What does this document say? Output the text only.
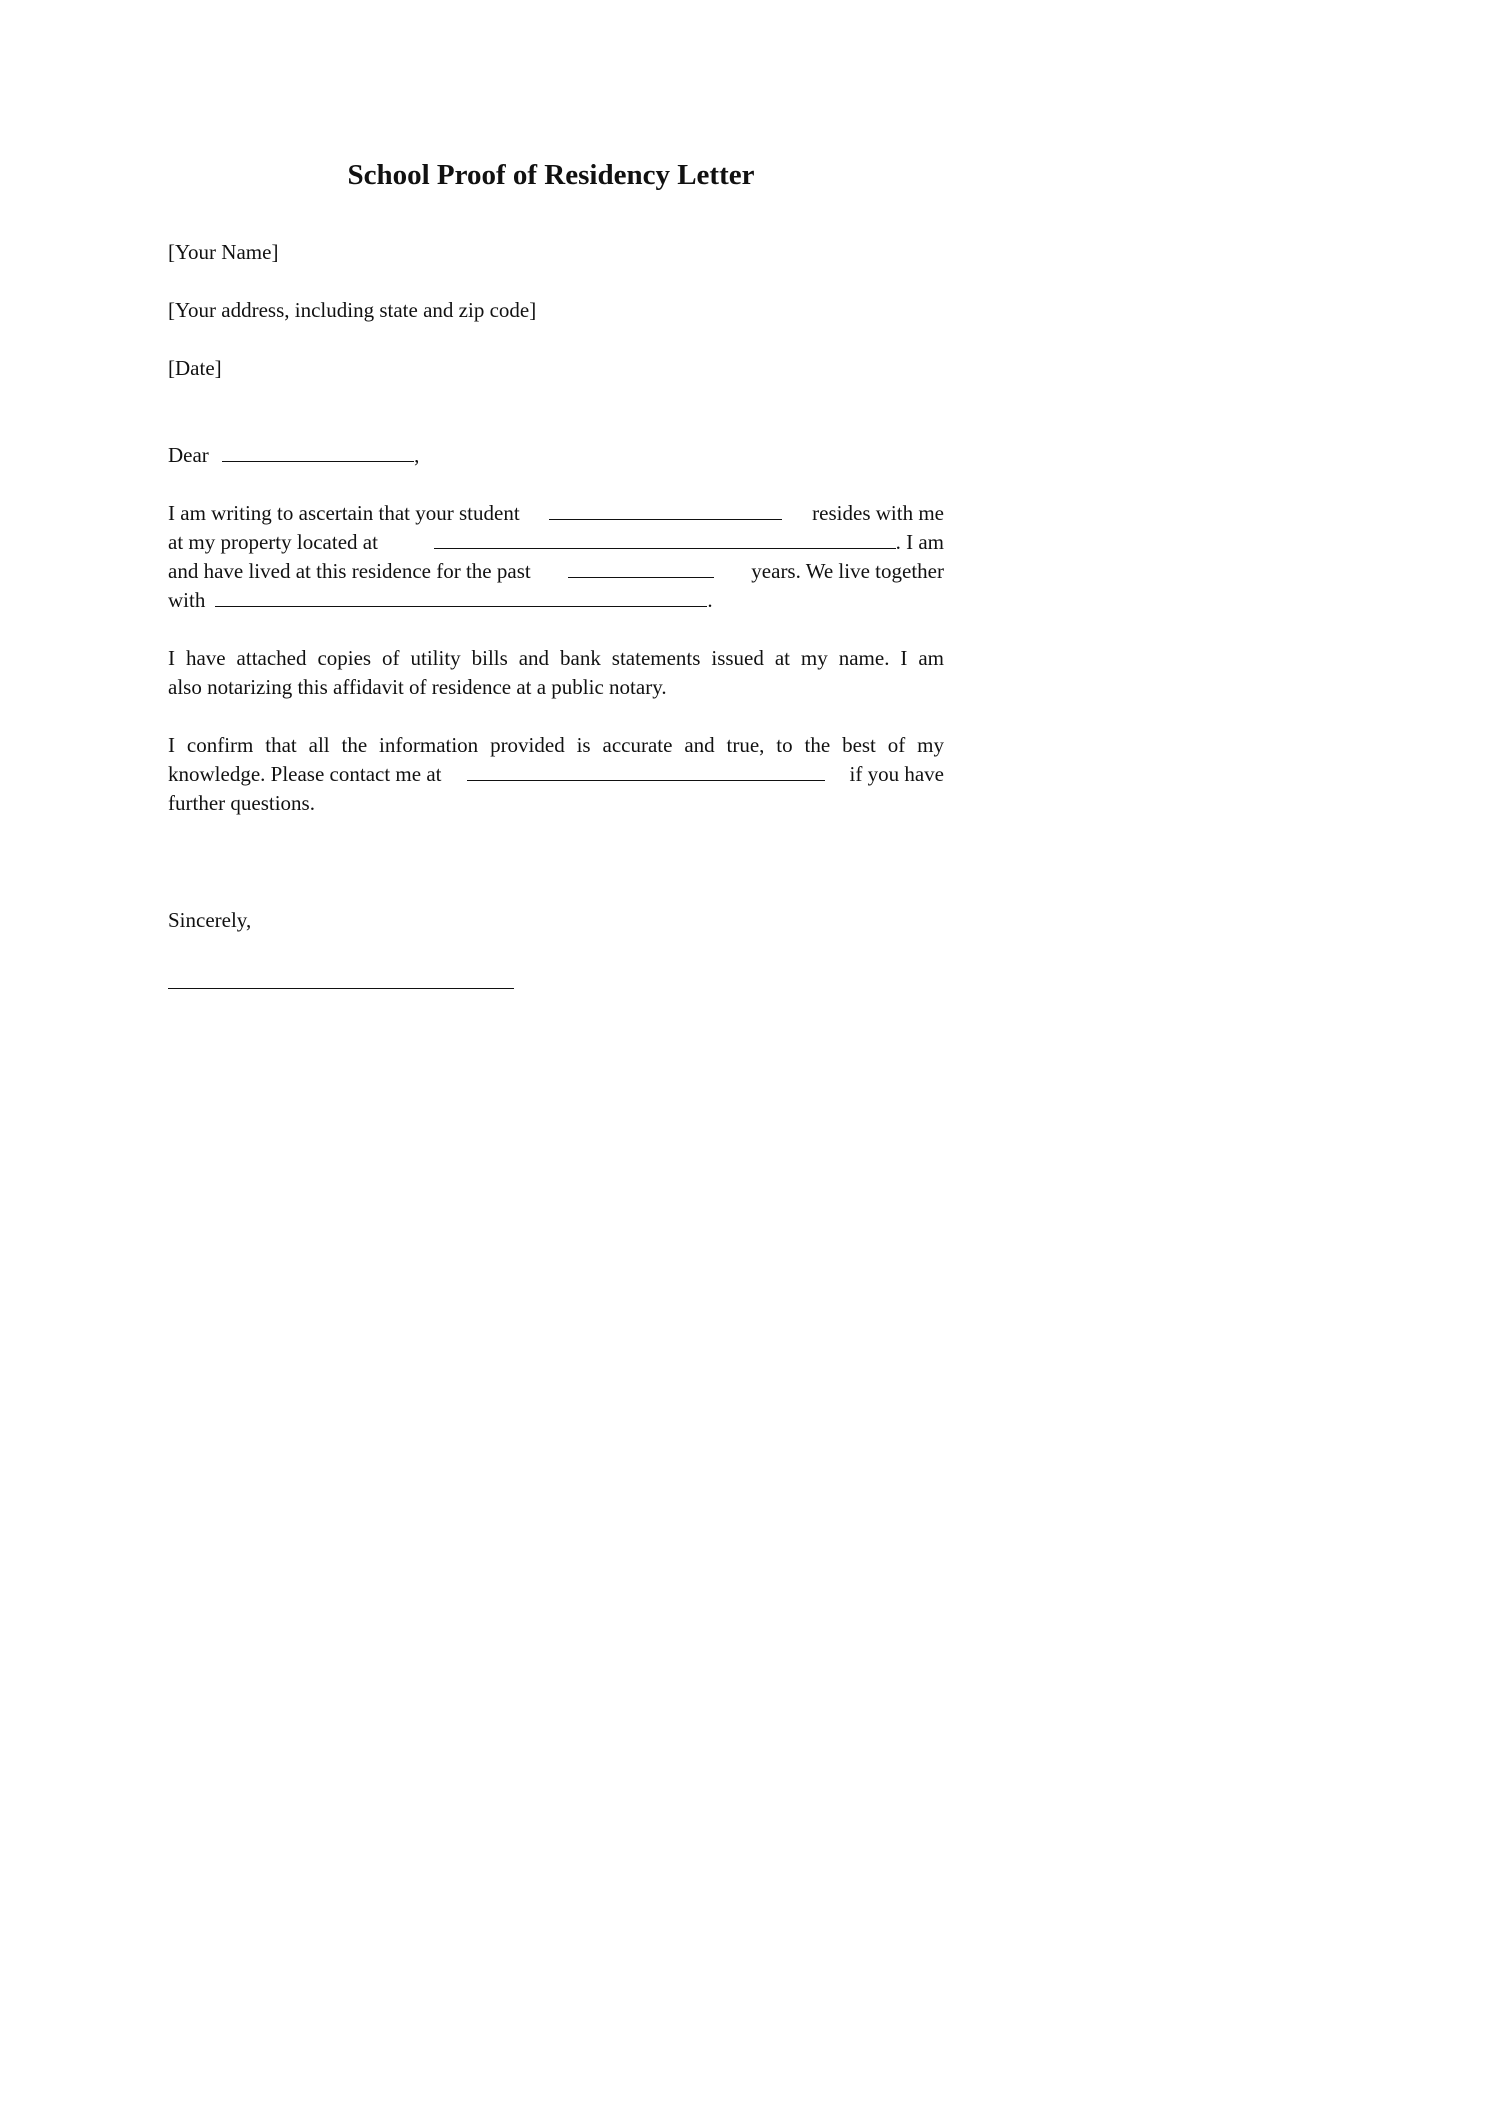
School Proof of Residency Letter
[Your Name]
[Your address, including state and zip code]
[Date]
Dear	,
I am writing to ascertain that your student	resides with me
at my property located at	. I am
and have lived at this residence for the past	years. We live together
with	.
I have attached copies of utility bills and bank statements issued at my name. I am
also notarizing this affidavit of residence at a public notary.
I confirm that all the information provided is accurate and true, to the best of my
knowledge. Please contact me at	if you have
further questions.
Sincerely,
